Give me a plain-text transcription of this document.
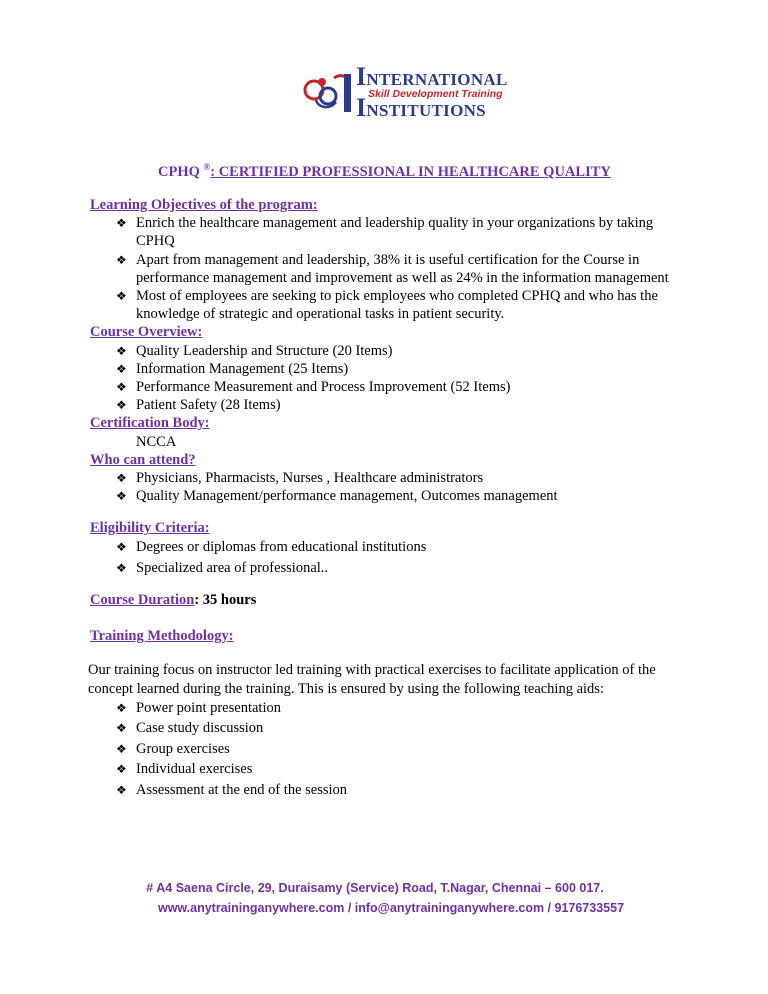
INTERNATIONAL
Skill Development Training
INSTITUTIONS
CPHQ ®: CERTIFIED PROFESSIONAL IN HEALTHCARE QUALITY
Learning Objectives of the program:
❖ Enrich the healthcare management and leadership quality in your organizations by taking CPHQ
❖ Apart from management and leadership, 38% it is useful certification for the Course in performance management and improvement as well as 24% in the information management
❖ Most of employees are seeking to pick employees who completed CPHQ and who has the knowledge of strategic and operational tasks in patient security.
Course Overview:
❖ Quality Leadership and Structure (20 Items)
❖ Information Management (25 Items)
❖ Performance Measurement and Process Improvement (52 Items)
❖ Patient Safety (28 Items)
Certification Body:
NCCA
Who can attend?
❖ Physicians, Pharmacists, Nurses , Healthcare administrators
❖ Quality Management/performance management, Outcomes management
Eligibility Criteria:
❖ Degrees or diplomas from educational institutions
❖ Specialized area of professional..
Course Duration: 35 hours
Training Methodology:
Our training focus on instructor led training with practical exercises to facilitate application of the concept learned during the training. This is ensured by using the following teaching aids:
❖ Power point presentation
❖ Case study discussion
❖ Group exercises
❖ Individual exercises
❖ Assessment at the end of the session
# A4 Saena Circle, 29, Duraisamy (Service) Road, T.Nagar, Chennai – 600 017.
www.anytraininganywhere.com / info@anytraininganywhere.com / 9176733557
